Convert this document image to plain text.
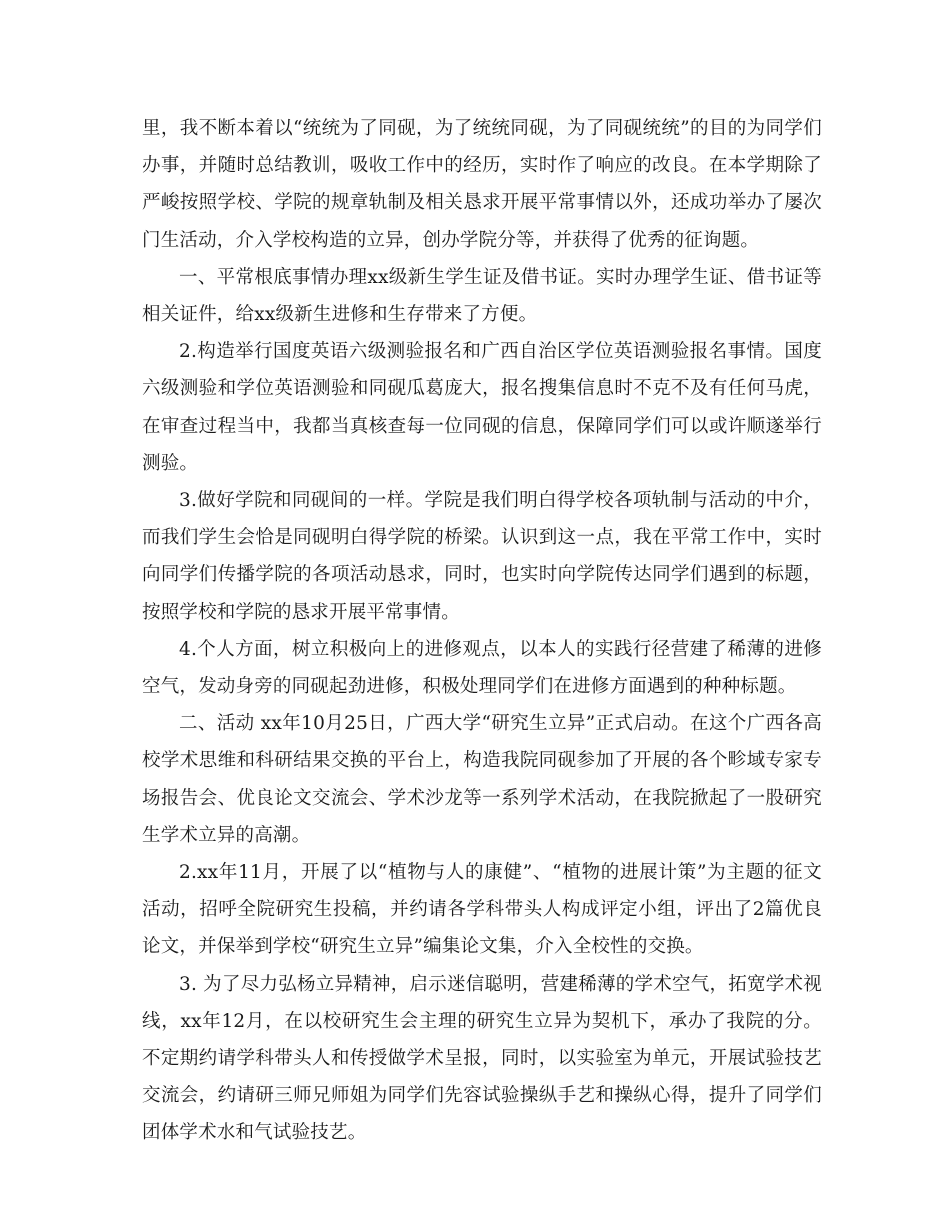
里，我不断本着以“统统为了同砚，为了统统同砚，为了同砚统统”的目的为同学们办事，并随时总结教训，吸收工作中的经历，实时作了响应的改良。在本学期除了严峻按照学校、学院的规章轨制及相关恳求开展平常事情以外，还成功举办了屡次门生活动，介入学校构造的立异，创办学院分等，并获得了优秀的征询题。

一、平常根底事情办理xx级新生学生证及借书证。实时办理学生证、借书证等相关证件，给xx级新生进修和生存带来了方便。

2.构造举行国度英语六级测验报名和广西自治区学位英语测验报名事情。国度六级测验和学位英语测验和同砚瓜葛庞大，报名搜集信息时不克不及有任何马虎，在审查过程当中，我都当真核查每一位同砚的信息，保障同学们可以或许顺遂举行测验。

3.做好学院和同砚间的一样。学院是我们明白得学校各项轨制与活动的中介，而我们学生会恰是同砚明白得学院的桥梁。认识到这一点，我在平常工作中，实时向同学们传播学院的各项活动恳求，同时，也实时向学院传达同学们遇到的标题，按照学校和学院的恳求开展平常事情。

4.个人方面，树立积极向上的进修观点，以本人的实践行径营建了稀薄的进修空气，发动身旁的同砚起劲进修，积极处理同学们在进修方面遇到的种种标题。

二、活动 xx年10月25日，广西大学“研究生立异”正式启动。在这个广西各高校学术思维和科研结果交换的平台上，构造我院同砚参加了开展的各个畛域专家专场报告会、优良论文交流会、学术沙龙等一系列学术活动，在我院掀起了一股研究生学术立异的高潮。

2.xx年11月，开展了以“植物与人的康健”、“植物的进展计策”为主题的征文活动，招呼全院研究生投稿，并约请各学科带头人构成评定小组，评出了2篇优良论文，并保举到学校“研究生立异”编集论文集，介入全校性的交换。

3. 为了尽力弘杨立异精神，启示迷信聪明，营建稀薄的学术空气，拓宽学术视线，xx年12月，在以校研究生会主理的研究生立异为契机下，承办了我院的分。不定期约请学科带头人和传授做学术呈报，同时，以实验室为单元，开展试验技艺交流会，约请研三师兄师姐为同学们先容试验操纵手艺和操纵心得，提升了同学们团体学术水和气试验技艺。
